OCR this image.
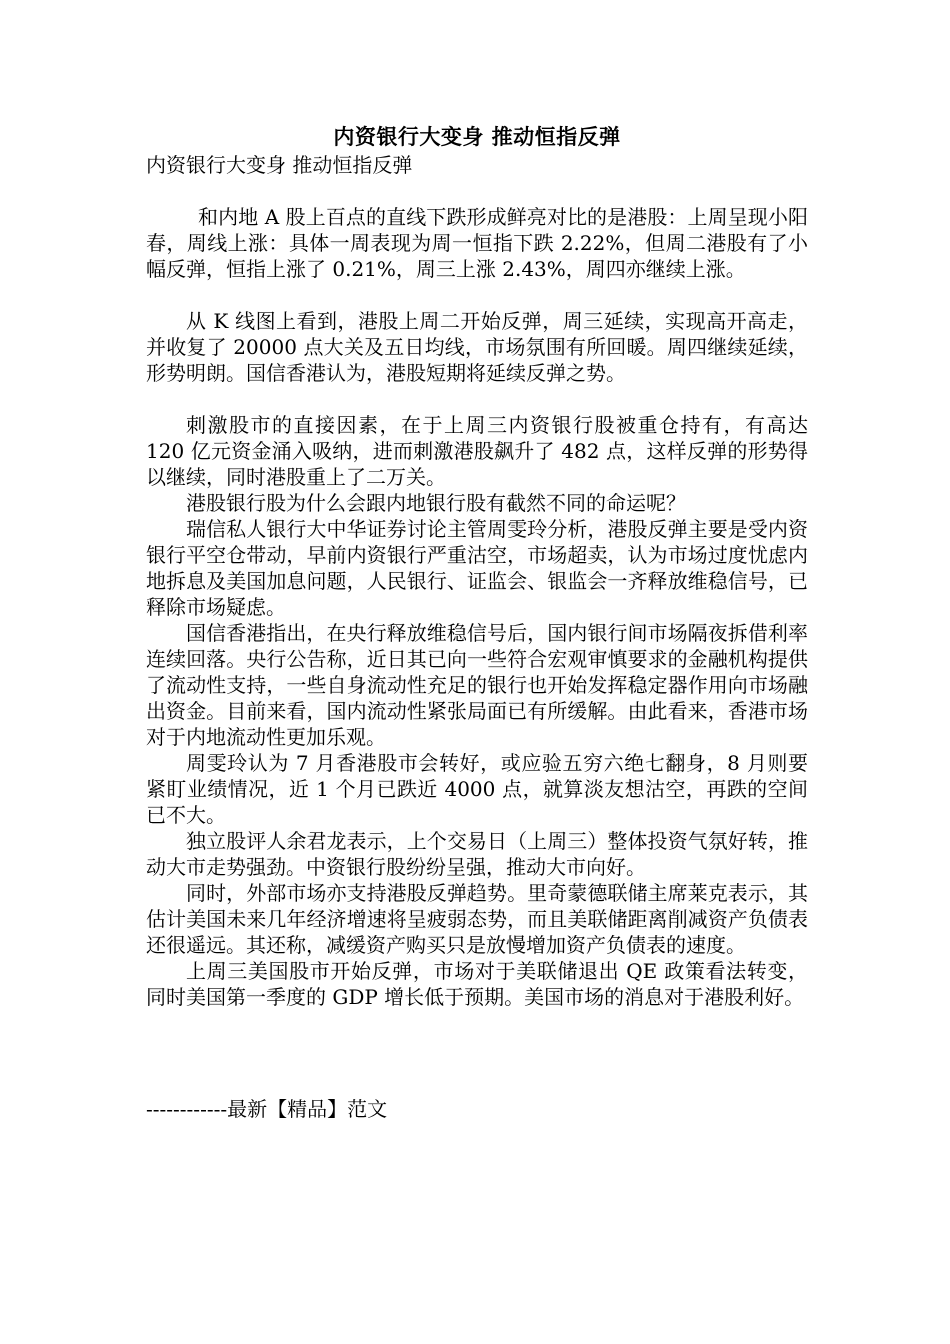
内资银行大变身 推动恒指反弹

内资银行大变身 推动恒指反弹

和内地 A 股上百点的直线下跌形成鲜亮对比的是港股：上周呈现小阳春，周线上涨：具体一周表现为周一恒指下跌 2.22%，但周二港股有了小幅反弹，恒指上涨了 0.21%，周三上涨 2.43%，周四亦继续上涨。

从 K 线图上看到，港股上周二开始反弹，周三延续，实现高开高走，并收复了 20000 点大关及五日均线，市场氛围有所回暖。周四继续延续，形势明朗。国信香港认为，港股短期将延续反弹之势。

刺激股市的直接因素，在于上周三内资银行股被重仓持有，有高达 120 亿元资金涌入吸纳，进而刺激港股飙升了 482 点，这样反弹的形势得以继续，同时港股重上了二万关。

港股银行股为什么会跟内地银行股有截然不同的命运呢？

瑞信私人银行大中华证券讨论主管周雯玲分析，港股反弹主要是受内资银行平空仓带动，早前内资银行严重沽空，市场超卖，认为市场过度忧虑内地拆息及美国加息问题，人民银行、证监会、银监会一齐释放维稳信号，已释除市场疑虑。

国信香港指出，在央行释放维稳信号后，国内银行间市场隔夜拆借利率连续回落。央行公告称，近日其已向一些符合宏观审慎要求的金融机构提供了流动性支持，一些自身流动性充足的银行也开始发挥稳定器作用向市场融出资金。目前来看，国内流动性紧张局面已有所缓解。由此看来，香港市场对于内地流动性更加乐观。

周雯玲认为 7 月香港股市会转好，或应验五穷六绝七翻身，8 月则要紧盯业绩情况，近 1 个月已跌近 4000 点，就算淡友想沽空，再跌的空间已不大。

独立股评人余君龙表示，上个交易日（上周三）整体投资气氛好转，推动大市走势强劲。中资银行股纷纷呈强，推动大市向好。

同时，外部市场亦支持港股反弹趋势。里奇蒙德联储主席莱克表示，其估计美国未来几年经济增速将呈疲弱态势，而且美联储距离削减资产负债表还很遥远。其还称，减缓资产购买只是放慢增加资产负债表的速度。

上周三美国股市开始反弹，市场对于美联储退出 QE 政策看法转变，同时美国第一季度的 GDP 增长低于预期。美国市场的消息对于港股利好。

------------最新【精品】范文
